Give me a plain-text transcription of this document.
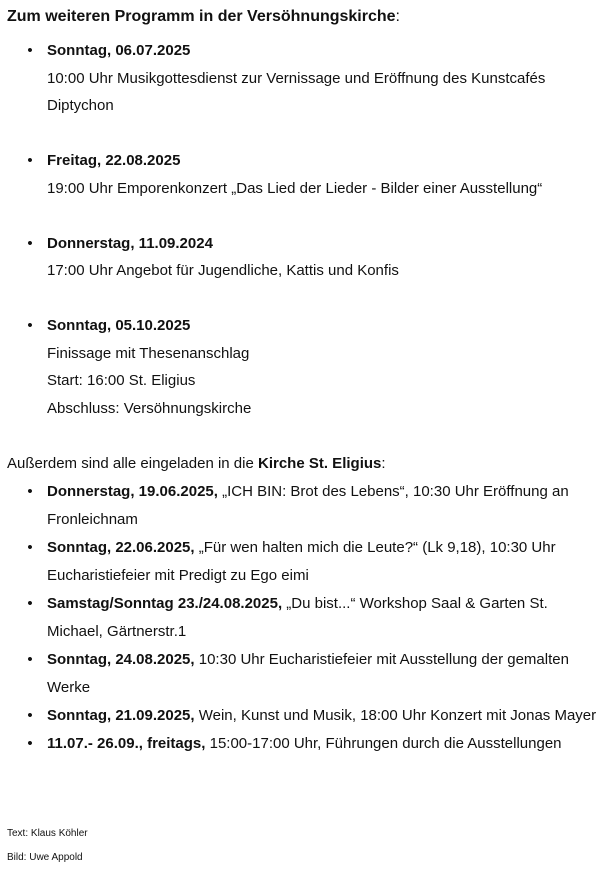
Zum weiteren Programm in der Versöhnungskirche:

• Sonntag, 06.07.2025
10:00 Uhr Musikgottesdienst zur Vernissage und Eröffnung des Kunstcafés
Diptychon
• Freitag, 22.08.2025
19:00 Uhr Emporenkonzert „Das Lied der Lieder - Bilder einer Ausstellung“
• Donnerstag, 11.09.2024
17:00 Uhr Angebot für Jugendliche, Kattis und Konfis
• Sonntag, 05.10.2025
Finissage mit Thesenanschlag
Start: 16:00 St. Eligius
Abschluss: Versöhnungskirche

Außerdem sind alle eingeladen in die Kirche St. Eligius:

• Donnerstag, 19.06.2025, „ICH BIN: Brot des Lebens“, 10:30 Uhr Eröffnung an Fronleichnam
• Sonntag, 22.06.2025, „Für wen halten mich die Leute?“ (Lk 9,18), 10:30 Uhr Eucharistiefeier mit Predigt zu Ego eimi
• Samstag/Sonntag 23./24.08.2025, „Du bist...“ Workshop Saal & Garten St. Michael, Gärtnerstr.1
• Sonntag, 24.08.2025, 10:30 Uhr Eucharistiefeier mit Ausstellung der gemalten Werke
• Sonntag, 21.09.2025, Wein, Kunst und Musik, 18:00 Uhr Konzert mit Jonas Mayer
• 11.07.- 26.09., freitags, 15:00-17:00 Uhr, Führungen durch die Ausstellungen

Text: Klaus Köhler
Bild: Uwe Appold
